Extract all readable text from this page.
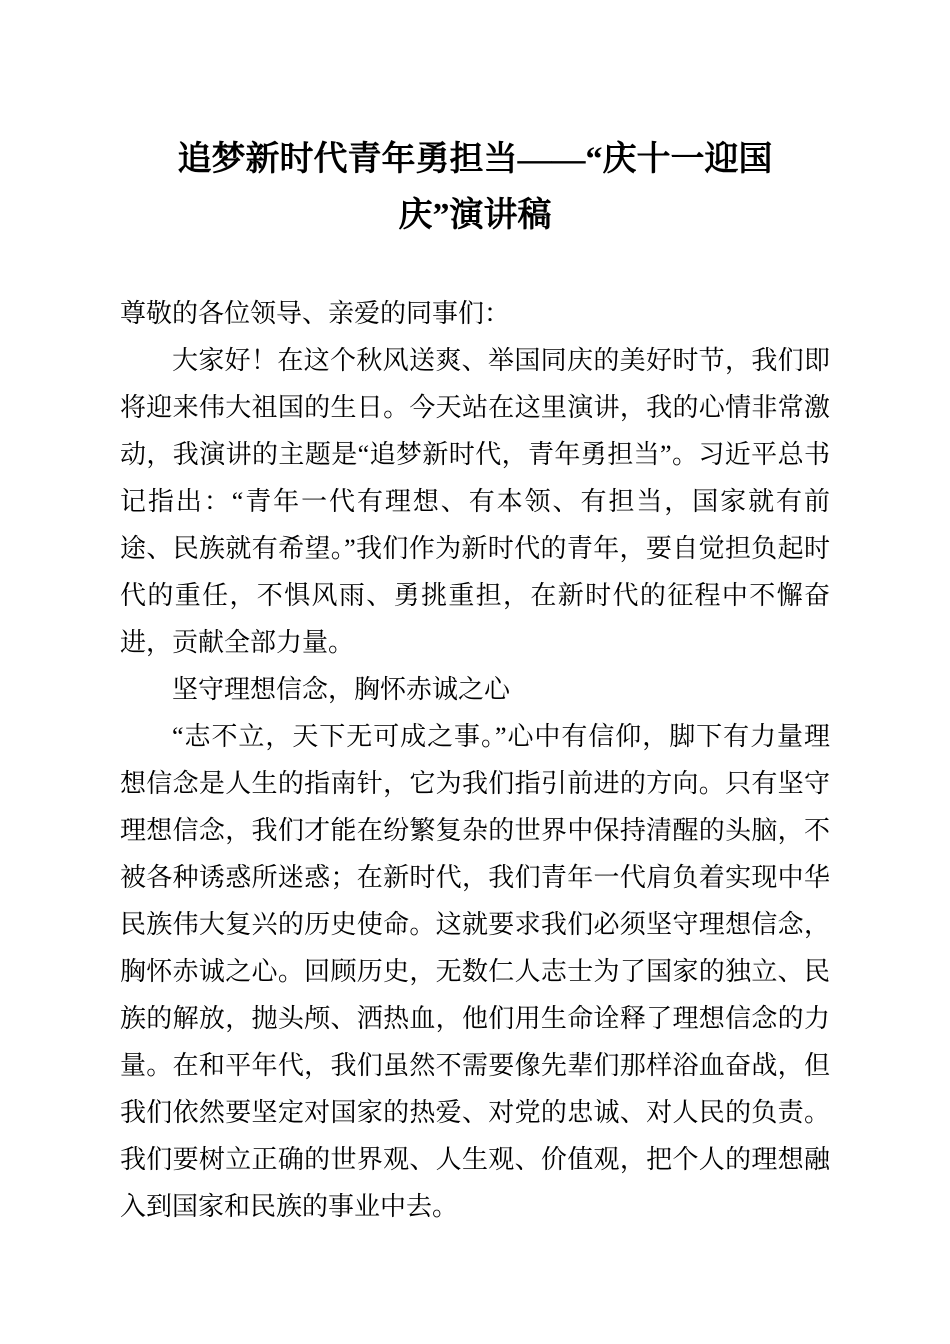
追梦新时代青年勇担当——“庆十一迎国庆”演讲稿

尊敬的各位领导、亲爱的同事们：

大家好！在这个秋风送爽、举国同庆的美好时节，我们即将迎来伟大祖国的生日。今天站在这里演讲，我的心情非常激动，我演讲的主题是“追梦新时代，青年勇担当”。习近平总书记指出：“青年一代有理想、有本领、有担当，国家就有前途、民族就有希望。”我们作为新时代的青年，要自觉担负起时代的重任，不惧风雨、勇挑重担，在新时代的征程中不懈奋进，贡献全部力量。

坚守理想信念，胸怀赤诚之心

“志不立，天下无可成之事。”心中有信仰，脚下有力量理想信念是人生的指南针，它为我们指引前进的方向。只有坚守理想信念，我们才能在纷繁复杂的世界中保持清醒的头脑，不被各种诱惑所迷惑；在新时代，我们青年一代肩负着实现中华民族伟大复兴的历史使命。这就要求我们必须坚守理想信念，胸怀赤诚之心。回顾历史，无数仁人志士为了国家的独立、民族的解放，抛头颅、洒热血，他们用生命诠释了理想信念的力量。在和平年代，我们虽然不需要像先辈们那样浴血奋战，但我们依然要坚定对国家的热爱、对党的忠诚、对人民的负责。我们要树立正确的世界观、人生观、价值观，把个人的理想融入到国家和民族的事业中去。
